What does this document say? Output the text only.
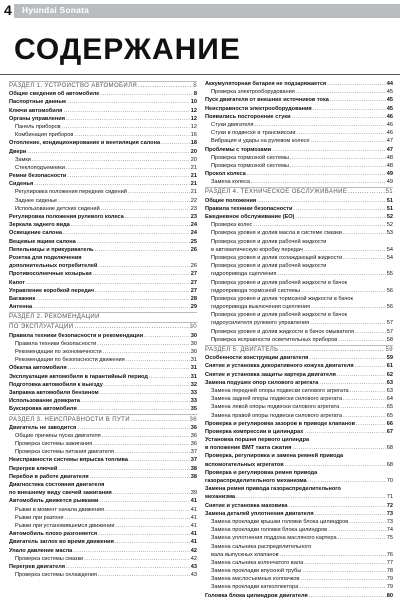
4 Hyundai Sonata
СОДЕРЖАНИЕ
РАЗДЕЛ 1. УСТРОЙСТВО АВТОМОБИЛЯ . . .	8
Общие сведения об автомобиле . . .	8
Паспортные данные . . .	10
Ключи автомобиля . . .	12
Органы управления . . .	12
Панель приборов . . .	12
Комбинация приборов . . .	16
Отопление, кондиционирование и вентиляция салона . . .	18
Двери . . .	20
Замки . . .	20
Стеклоподъемники . . .	21
Ремни безопасности . . .	21
Сиденья . . .	21
Регулировка положения передних сидений . . .	21
Заднее сиденье . . .	22
Использование детских сидений . . .	23
Регулировка положения рулевого колеса . . .	23
Зеркала заднего вида . . .	24
Освещение салона . . .	24
Вещевые ящики салона . . .	25
Пепельницы и прикуриватель . . .	26
Розетка для подключения
дополнительных потребителей . . .	26
Противосолнечные козырьки . . .	27
Капот . . .	27
Управление коробкой передач . . .	27
Багажник . . .	28
Антенна . . .	29
РАЗДЕЛ 2. РЕКОМЕНДАЦИИ
ПО ЭКСПЛУАТАЦИИ . . .	30
Правила техники безопасности и рекомендации . . .	30
Правила техники безопасности . . .	30
Рекомендации по экономичности . . .	30
Рекомендации по безопасности движения . . .	31
Обкатка автомобиля . . .	31
Эксплуатация автомобиля в гарантийный период . . .	31
Подготовка автомобиля к выезду . . .	32
Заправка автомобиля бензином . . .	33
Использование домкрата . . .	33
Буксировка автомобиля . . .	35
РАЗДЕЛ 3. НЕИСПРАВНОСТИ В ПУТИ . . .	36
Двигатель не заводится . . .	36
Общие причины пуска двигателя . . .	36
Проверка системы зажигания . . .	36
Проверка системы питания двигателя . . .	37
Неисправности системы впрыска топлива . . .	37
Перегрев ключей . . .	38
Перебои в работе двигателя . . .	38
Диагностика состояния двигателя
по внешнему виду свечей зажигания . . .	39
Автомобиль движется рывками . . .	41
Рывки в момент начала движения . . .	41
Рывки при разгоне . . .	41
Рывки при установившемся движении . . .	41
Автомобиль плохо разгоняется . . .	41
Двигатель заглох во время движения . . .	41
Упало давление масла . . .	42
Проверка системы смазки . . .	42
Перегрев двигателя . . .	43
Проверка системы охлаждения . . .	43
Аккумуляторная батарея не подзаряжается . . .	44
Проверка электрооборудования . . .	45
Пуск двигателя от внешних источников тока . . .	45
Неисправности электрооборудования . . .	45
Появились посторонние стуки . . .	46
Стуки двигателя . . .	46
Стуки в подвеске и трансмиссии . . .	46
Вибрация и удары на рулевом колесе . . .	47
Проблемы с тормозами . . .	47
Проверка тормозной системы . . .	48
Проверка тормозной системы . . .	48
Прокол колеса . . .	49
Замена колеса . . .	49
РАЗДЕЛ 4. ТЕХНИЧЕСКОЕ ОБСЛУЖИВАНИЕ . . .	51
Общие положения . . .	51
Правила техники безопасности . . .	51
Ежедневное обслуживание (ЕО) . . .	52
Проверка колес . . .	52
Проверка уровня и долив масла в системе смазки . . .	53
Проверка уровня и долив рабочей жидкости
в автоматическую коробку передач . . .	54
Проверка уровня и долив охлаждающей жидкости . . .	54
Проверка уровня и долив рабочей жидкости
гидропривода сцепления . . .	55
Проверка уровня и долив рабочей жидкости в бачок
гидропривода тормозной системы . . .	56
Проверка уровня и долив тормозной жидкости в бачок
гидропривода выключения сцепления . . .	56
Проверка уровня и долив рабочей жидкости в бачок
гидроусилителя рулевого управления . . .	57
Проверка уровня и долив жидкости в бачок омывателя . . .	57
Проверка исправности осветительных приборов . . .	58
РАЗДЕЛ 5. ДВИГАТЕЛЬ . . .	59
Особенности конструкции двигателя . . .	59
Снятие и установка декоративного кожуха двигателя . . .	61
Снятие и установка защиты картера двигателя . . .	62
Замена подушек опор силового агрегата . . .	63
Замена передней опоры подвески силового агрегата . . .	63
Замена задней опоры подвески силового агрегата . . .	64
Замена левой опоры подвески силового агрегата . . .	65
Замена правой опоры подвески силового агрегата . . .	65
Проверка и регулировка зазоров в приводе клапанов . . .	66
Проверка компрессии в цилиндрах . . .	67
Установка поршня первого цилиндра
в положение ВМТ такта сжатия . . .	68
Проверка, регулировка и замена ремней привода
вспомогательных агрегатов . . .	68
Проверка и регулировка ремня привода
газораспределительного механизма . . .	70
Замена ремня привода газораспределительного
механизма . . .	71
Снятие и установка маховика . . .	72
Замена деталей уплотнения двигателя . . .	73
Замена прокладки крышки головки блока цилиндров . . .	73
Замена прокладки головки блока цилиндров . . .	74
Замена уплотнения поддона масляного картера . . .	75
Замена сальника распределительного
вала выпускных клапанов . . .	76
Замена сальника коленчатого вала . . .	77
Замена прокладки впускной трубы . . .	78
Замена маслосъемных колпачков . . .	79
Замена прокладки катколлектора . . .	79
Головка блока цилиндров двигателя . . .	80
